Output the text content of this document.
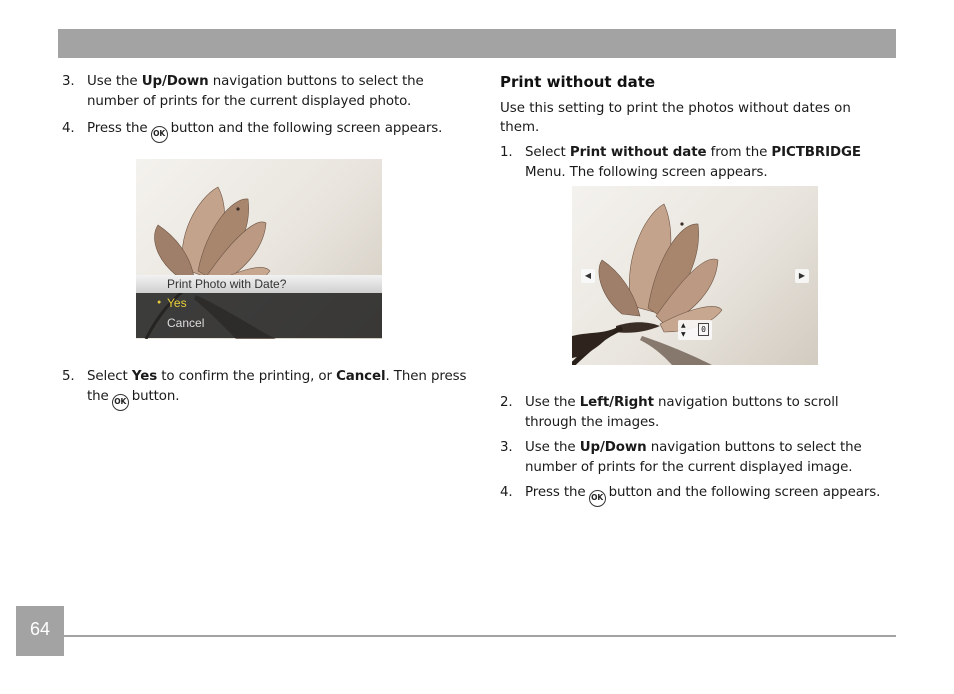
3. Use the Up/Down navigation buttons to select the number of prints for the current displayed photo.
4. Press the OK button and the following screen appears.
Print Photo with Date?
● Yes
Cancel
5. Select Yes to confirm the printing, or Cancel. Then press the OK button.
Print without date
Use this setting to print the photos without dates on them.
1. Select Print without date from the PICTBRIDGE Menu. The following screen appears.
◀	▶
▲
▼
0
2. Use the Left/Right navigation buttons to scroll through the images.
3. Use the Up/Down navigation buttons to select the number of prints for the current displayed image.
4. Press the OK button and the following screen appears.
64
